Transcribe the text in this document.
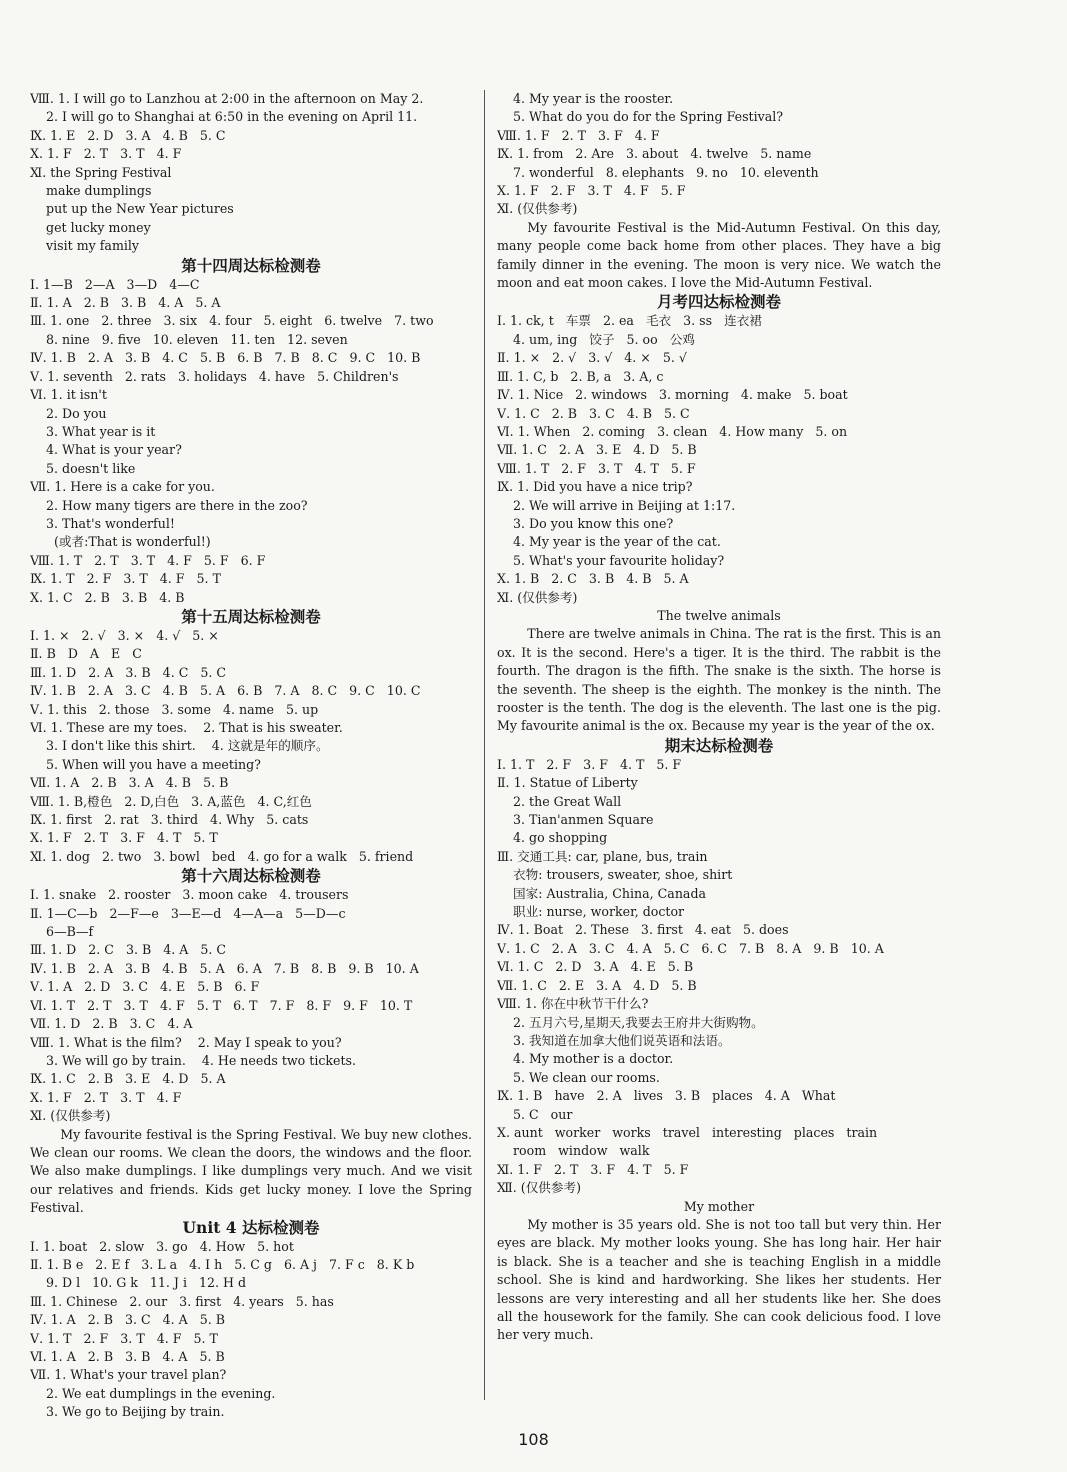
Ⅷ. 1. I will go to Lanzhou at 2:00 in the afternoon on May 2.
2. I will go to Shanghai at 6:50 in the evening on April 11.
Ⅸ. 1. E   2. D   3. A   4. B   5. C
Ⅹ. 1. F   2. T   3. T   4. F
Ⅺ. the Spring Festival
make dumplings
put up the New Year pictures
get lucky money
visit my family
第十四周达标检测卷
Ⅰ. 1—B   2—A   3—D   4—C
Ⅱ. 1. A   2. B   3. B   4. A   5. A
Ⅲ. 1. one   2. three   3. six   4. four   5. eight   6. twelve   7. two
8. nine   9. five   10. eleven   11. ten   12. seven
Ⅳ. 1. B   2. A   3. B   4. C   5. B   6. B   7. B   8. C   9. C   10. B
Ⅴ. 1. seventh   2. rats   3. holidays   4. have   5. Children's
Ⅵ. 1. it isn't
2. Do you
3. What year is it
4. What is your year?
5. doesn't like
Ⅶ. 1. Here is a cake for you.
2. How many tigers are there in the zoo?
3. That's wonderful!
(或者:That is wonderful!)
Ⅷ. 1. T   2. T   3. T   4. F   5. F   6. F
Ⅸ. 1. T   2. F   3. T   4. F   5. T
Ⅹ. 1. C   2. B   3. B   4. B
第十五周达标检测卷
Ⅰ. 1. ×   2. √   3. ×   4. √   5. ×
Ⅱ. B   D   A   E   C
Ⅲ. 1. D   2. A   3. B   4. C   5. C
Ⅳ. 1. B   2. A   3. C   4. B   5. A   6. B   7. A   8. C   9. C   10. C
Ⅴ. 1. this   2. those   3. some   4. name   5. up
Ⅵ. 1. These are my toes.    2. That is his sweater.
3. I don't like this shirt.    4. 这就是年的顺序。
5. When will you have a meeting?
Ⅶ. 1. A   2. B   3. A   4. B   5. B
Ⅷ. 1. B,橙色   2. D,白色   3. A,蓝色   4. C,红色
Ⅸ. 1. first   2. rat   3. third   4. Why   5. cats
Ⅹ. 1. F   2. T   3. F   4. T   5. T
Ⅺ. 1. dog   2. two   3. bowl   bed   4. go for a walk   5. friend
第十六周达标检测卷
Ⅰ. 1. snake   2. rooster   3. moon cake   4. trousers
Ⅱ. 1—C—b   2—F—e   3—E—d   4—A—a   5—D—c
6—B—f
Ⅲ. 1. D   2. C   3. B   4. A   5. C
Ⅳ. 1. B   2. A   3. B   4. B   5. A   6. A   7. B   8. B   9. B   10. A
Ⅴ. 1. A   2. D   3. C   4. E   5. B   6. F
Ⅵ. 1. T   2. T   3. T   4. F   5. T   6. T   7. F   8. F   9. F   10. T
Ⅶ. 1. D   2. B   3. C   4. A
Ⅷ. 1. What is the film?    2. May I speak to you?
3. We will go by train.    4. He needs two tickets.
Ⅸ. 1. C   2. B   3. E   4. D   5. A
Ⅹ. 1. F   2. T   3. T   4. F
Ⅺ. (仅供参考)
My favourite festival is the Spring Festival. We buy new clothes. We clean our rooms. We clean the doors, the windows and the floor. We also make dumplings. I like dumplings very much. And we visit our relatives and friends. Kids get lucky money. I love the Spring Festival.
Unit 4 达标检测卷
Ⅰ. 1. boat   2. slow   3. go   4. How   5. hot
Ⅱ. 1. B e   2. E f   3. L a   4. I h   5. C g   6. A j   7. F c   8. K b
9. D l   10. G k   11. J i   12. H d
Ⅲ. 1. Chinese   2. our   3. first   4. years   5. has
Ⅳ. 1. A   2. B   3. C   4. A   5. B
Ⅴ. 1. T   2. F   3. T   4. F   5. T
Ⅵ. 1. A   2. B   3. B   4. A   5. B
Ⅶ. 1. What's your travel plan?
2. We eat dumplings in the evening.
3. We go to Beijing by train.
4. My year is the rooster.
5. What do you do for the Spring Festival?
Ⅷ. 1. F   2. T   3. F   4. F
Ⅸ. 1. from   2. Are   3. about   4. twelve   5. name
7. wonderful   8. elephants   9. no   10. eleventh
Ⅹ. 1. F   2. F   3. T   4. F   5. F
Ⅺ. (仅供参考)
My favourite Festival is the Mid-Autumn Festival. On this day, many people come back home from other places. They have a big family dinner in the evening. The moon is very nice. We watch the moon and eat moon cakes. I love the Mid-Autumn Festival.
月考四达标检测卷
Ⅰ. 1. ck, t   车票   2. ea   毛衣   3. ss   连衣裙
4. um, ing   饺子   5. oo   公鸡
Ⅱ. 1. ×   2. √   3. √   4. ×   5. √
Ⅲ. 1. C, b   2. B, a   3. A, c
Ⅳ. 1. Nice   2. windows   3. morning   4. make   5. boat
Ⅴ. 1. C   2. B   3. C   4. B   5. C
Ⅵ. 1. When   2. coming   3. clean   4. How many   5. on
Ⅶ. 1. C   2. A   3. E   4. D   5. B
Ⅷ. 1. T   2. F   3. T   4. T   5. F
Ⅸ. 1. Did you have a nice trip?
2. We will arrive in Beijing at 1:17.
3. Do you know this one?
4. My year is the year of the cat.
5. What's your favourite holiday?
Ⅹ. 1. B   2. C   3. B   4. B   5. A
Ⅺ. (仅供参考)
The twelve animals
There are twelve animals in China. The rat is the first. This is an ox. It is the second. Here's a tiger. It is the third. The rabbit is the fourth. The dragon is the fifth. The snake is the sixth. The horse is the seventh. The sheep is the eighth. The monkey is the ninth. The rooster is the tenth. The dog is the eleventh. The last one is the pig. My favourite animal is the ox. Because my year is the year of the ox.
期末达标检测卷
Ⅰ. 1. T   2. F   3. F   4. T   5. F
Ⅱ. 1. Statue of Liberty
2. the Great Wall
3. Tian'anmen Square
4. go shopping
Ⅲ. 交通工具: car, plane, bus, train
衣物: trousers, sweater, shoe, shirt
国家: Australia, China, Canada
职业: nurse, worker, doctor
Ⅳ. 1. Boat   2. These   3. first   4. eat   5. does
Ⅴ. 1. C   2. A   3. C   4. A   5. C   6. C   7. B   8. A   9. B   10. A
Ⅵ. 1. C   2. D   3. A   4. E   5. B
Ⅶ. 1. C   2. E   3. A   4. D   5. B
Ⅷ. 1. 你在中秋节干什么?
2. 五月六号,星期天,我要去王府井大街购物。
3. 我知道在加拿大他们说英语和法语。
4. My mother is a doctor.
5. We clean our rooms.
Ⅸ. 1. B   have   2. A   lives   3. B   places   4. A   What
5. C   our
Ⅹ. aunt   worker   works   travel   interesting   places   train
room   window   walk
Ⅺ. 1. F   2. T   3. F   4. T   5. F
Ⅻ. (仅供参考)
My mother
My mother is 35 years old. She is not too tall but very thin. Her eyes are black. My mother looks young. She has long hair. Her hair is black. She is a teacher and she is teaching English in a middle school. She is kind and hardworking. She likes her students. Her lessons are very interesting and all her students like her. She does all the housework for the family. She can cook delicious food. I love her very much.
108
